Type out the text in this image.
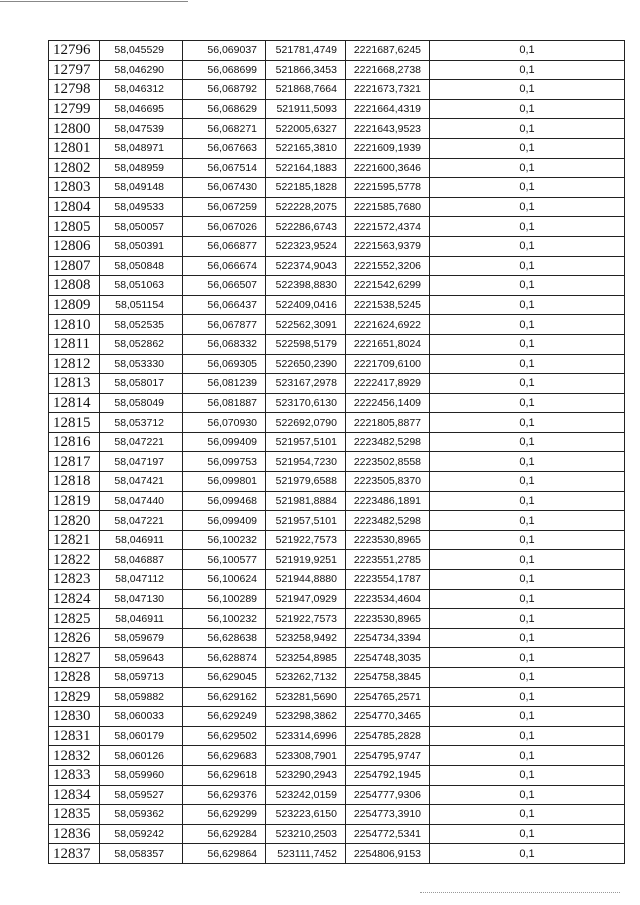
12796	58,045529	56,069037	521781,4749	2221687,6245	0,1
12797	58,046290	56,068699	521866,3453	2221668,2738	0,1
12798	58,046312	56,068792	521868,7664	2221673,7321	0,1
12799	58,046695	56,068629	521911,5093	2221664,4319	0,1
12800	58,047539	56,068271	522005,6327	2221643,9523	0,1
12801	58,048971	56,067663	522165,3810	2221609,1939	0,1
12802	58,048959	56,067514	522164,1883	2221600,3646	0,1
12803	58,049148	56,067430	522185,1828	2221595,5778	0,1
12804	58,049533	56,067259	522228,2075	2221585,7680	0,1
12805	58,050057	56,067026	522286,6743	2221572,4374	0,1
12806	58,050391	56,066877	522323,9524	2221563,9379	0,1
12807	58,050848	56,066674	522374,9043	2221552,3206	0,1
12808	58,051063	56,066507	522398,8830	2221542,6299	0,1
12809	58,051154	56,066437	522409,0416	2221538,5245	0,1
12810	58,052535	56,067877	522562,3091	2221624,6922	0,1
12811	58,052862	56,068332	522598,5179	2221651,8024	0,1
12812	58,053330	56,069305	522650,2390	2221709,6100	0,1
12813	58,058017	56,081239	523167,2978	2222417,8929	0,1
12814	58,058049	56,081887	523170,6130	2222456,1409	0,1
12815	58,053712	56,070930	522692,0790	2221805,8877	0,1
12816	58,047221	56,099409	521957,5101	2223482,5298	0,1
12817	58,047197	56,099753	521954,7230	2223502,8558	0,1
12818	58,047421	56,099801	521979,6588	2223505,8370	0,1
12819	58,047440	56,099468	521981,8884	2223486,1891	0,1
12820	58,047221	56,099409	521957,5101	2223482,5298	0,1
12821	58,046911	56,100232	521922,7573	2223530,8965	0,1
12822	58,046887	56,100577	521919,9251	2223551,2785	0,1
12823	58,047112	56,100624	521944,8880	2223554,1787	0,1
12824	58,047130	56,100289	521947,0929	2223534,4604	0,1
12825	58,046911	56,100232	521922,7573	2223530,8965	0,1
12826	58,059679	56,628638	523258,9492	2254734,3394	0,1
12827	58,059643	56,628874	523254,8985	2254748,3035	0,1
12828	58,059713	56,629045	523262,7132	2254758,3845	0,1
12829	58,059882	56,629162	523281,5690	2254765,2571	0,1
12830	58,060033	56,629249	523298,3862	2254770,3465	0,1
12831	58,060179	56,629502	523314,6996	2254785,2828	0,1
12832	58,060126	56,629683	523308,7901	2254795,9747	0,1
12833	58,059960	56,629618	523290,2943	2254792,1945	0,1
12834	58,059527	56,629376	523242,0159	2254777,9306	0,1
12835	58,059362	56,629299	523223,6150	2254773,3910	0,1
12836	58,059242	56,629284	523210,2503	2254772,5341	0,1
12837	58,058357	56,629864	523111,7452	2254806,9153	0,1
